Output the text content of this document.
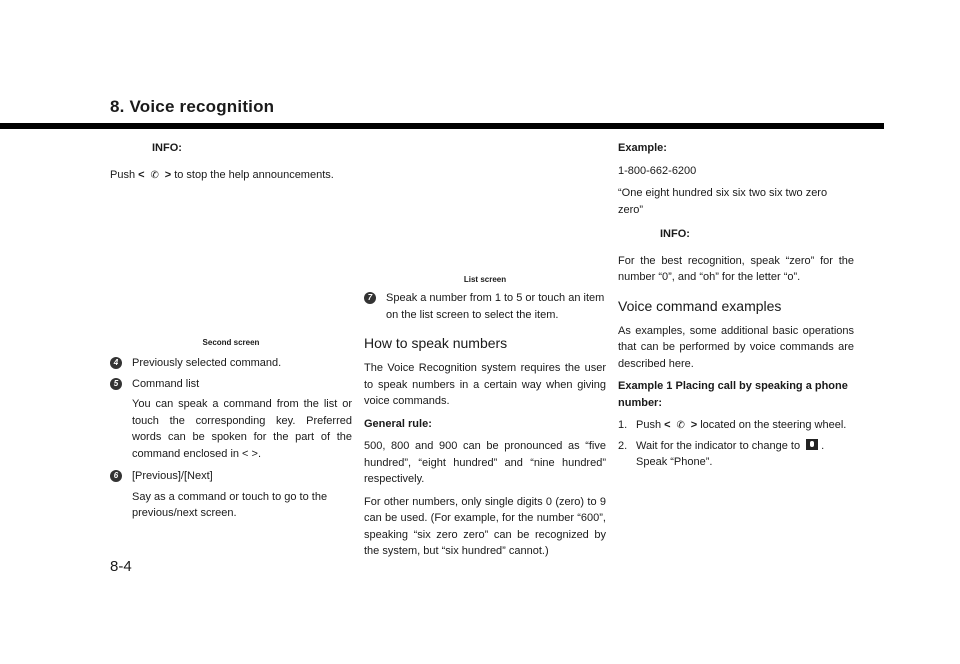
8. Voice recognition

INFO:

Push < ✆ > to stop the help announcements.

Second screen

4	Previously selected command.
5	Command list

You can speak a command from the list or touch the corresponding key. Preferred words can be spoken for the part of the command enclosed in < >.

6	[Previous]/[Next]

Say as a command or touch to go to the previous/next screen.

List screen

7	Speak a number from 1 to 5 or touch an item on the list screen to select the item.
How to speak numbers

The Voice Recognition system requires the user to speak numbers in a certain way when giving voice commands.

General rule:

500, 800 and 900 can be pronounced as “five hundred”, “eight hundred” and “nine hundred” respectively.

For other numbers, only single digits 0 (zero) to 9 can be used. (For example, for the number “600”, speaking “six zero zero” can be recognized by the system, but “six hundred” cannot.)

Example:

1-800-662-6200

“One eight hundred six six two six two zero zero”

INFO:

For the best recognition, speak “zero” for the number “0”, and “oh” for the letter “o”.

Voice command examples

As examples, some additional basic operations that can be performed by voice commands are described here.

Example 1 Placing call by speaking a phone number:

1. Push < ✆ > located on the steering wheel.
2. Wait for the indicator to change to .
Speak “Phone”.

8-4
